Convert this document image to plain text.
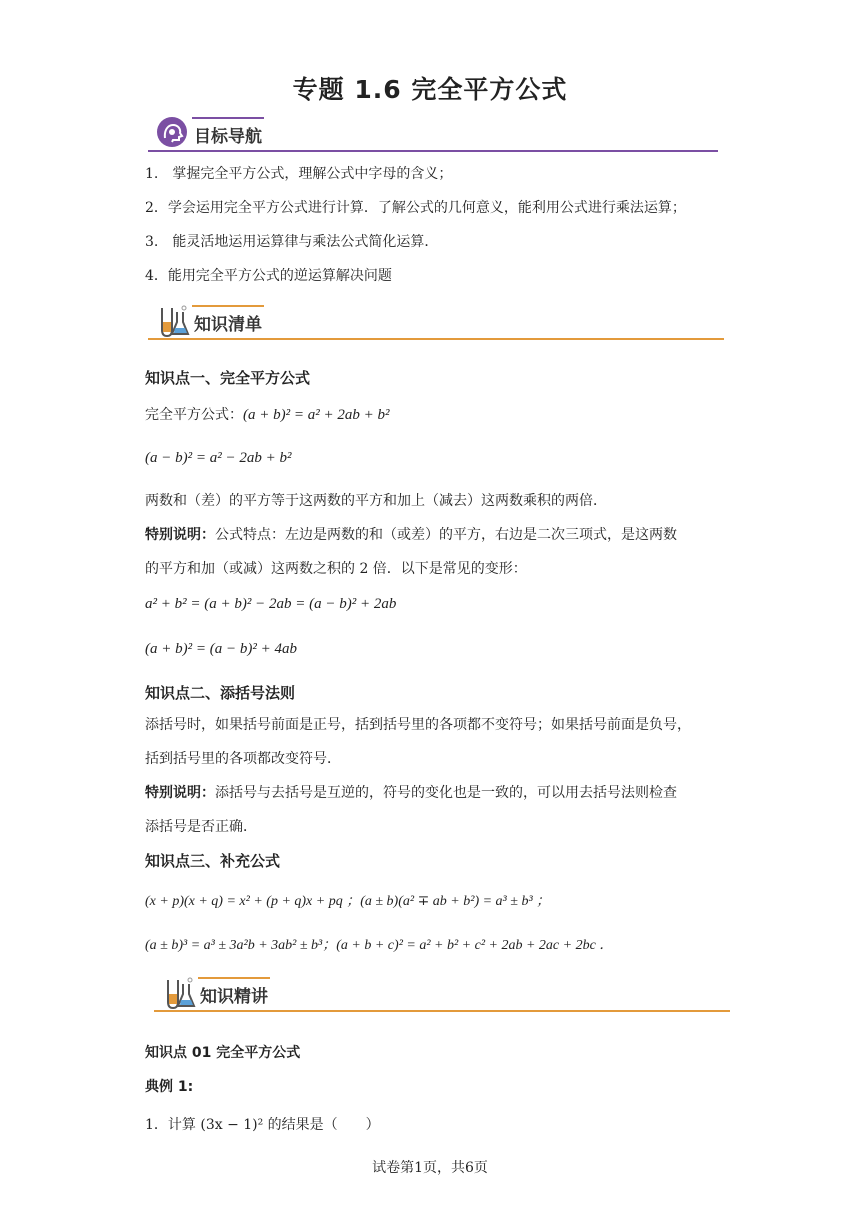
专题 1.6 完全平方公式
目标导航
1.　掌握完全平方公式，理解公式中字母的含义；
2．学会运用完全平方公式进行计算．了解公式的几何意义，能利用公式进行乘法运算；
3.　能灵活地运用运算律与乘法公式简化运算．
4．能用完全平方公式的逆运算解决问题
知识清单
知识点一、完全平方公式
完全平方公式：(a + b)² = a² + 2ab + b²
(a − b)² = a² − 2ab + b²
两数和（差）的平方等于这两数的平方和加上（减去）这两数乘积的两倍．
特别说明：公式特点：左边是两数的和（或差）的平方，右边是二次三项式，是这两数
的平方和加（或减）这两数之积的 2 倍．以下是常见的变形：
a² + b² = (a + b)² − 2ab = (a − b)² + 2ab
(a + b)² = (a − b)² + 4ab
知识点二、添括号法则
添括号时，如果括号前面是正号，括到括号里的各项都不变符号；如果括号前面是负号，
括到括号里的各项都改变符号．
特别说明：添括号与去括号是互逆的，符号的变化也是一致的，可以用去括号法则检查
添括号是否正确．
知识点三、补充公式
(x + p)(x + q) = x² + (p + q)x + pq ；(a ± b)(a² ∓ ab + b²) = a³ ± b³ ；
(a ± b)³ = a³ ± 3a²b + 3ab² ± b³；(a + b + c)² = a² + b² + c² + 2ab + 2ac + 2bc ．
知识精讲
知识点 01 完全平方公式
典例 1:
1．计算 (3x − 1)² 的结果是（　　）
试卷第1页，共6页
